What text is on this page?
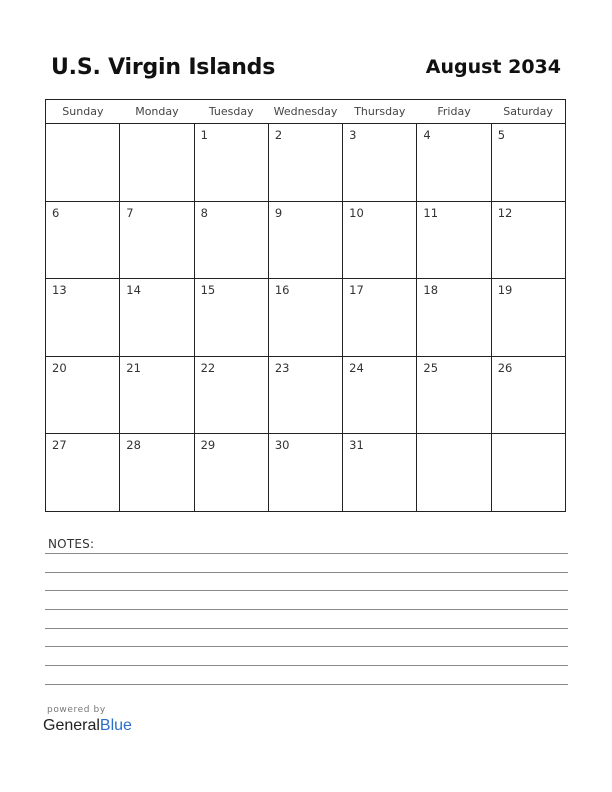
U.S. Virgin Islands	August 2034
Sunday	Monday	Tuesday	Wednesday	Thursday	Friday	Saturday
		1	2	3	4	5
6	7	8	9	10	11	12
13	14	15	16	17	18	19
20	21	22	23	24	25	26
27	28	29	30	31		
NOTES:
powered by
GeneralBlue
